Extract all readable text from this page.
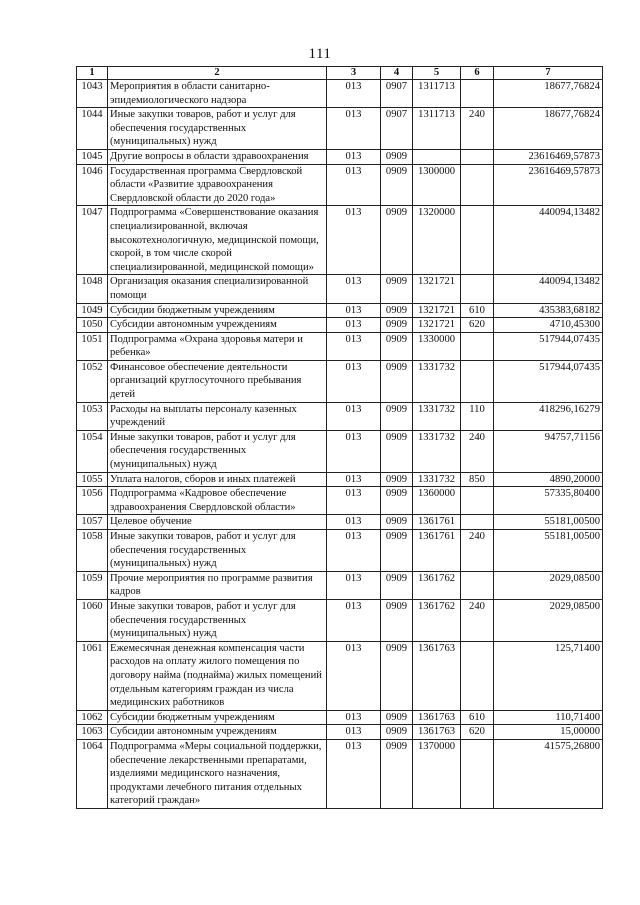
111
1	2	3	4	5	6	7
1043	Мероприятия в области санитарно-эпидемиологического надзора	013	0907	1311713		18677,76824
1044	Иные закупки товаров, работ и услуг для обеспечения государственных (муниципальных) нужд	013	0907	1311713	240	18677,76824
1045	Другие вопросы в области здравоохранения	013	0909			23616469,57873
1046	Государственная программа Свердловской области «Развитие здравоохранения Свердловской области до 2020 года»	013	0909	1300000		23616469,57873
1047	Подпрограмма «Совершенствование оказания специализированной, включая высокотехнологичную, медицинской помощи, скорой, в том числе скорой специализированной, медицинской помощи»	013	0909	1320000		440094,13482
1048	Организация оказания специализированной помощи	013	0909	1321721		440094,13482
1049	Субсидии бюджетным учреждениям	013	0909	1321721	610	435383,68182
1050	Субсидии автономным учреждениям	013	0909	1321721	620	4710,45300
1051	Подпрограмма «Охрана здоровья матери и ребенка»	013	0909	1330000		517944,07435
1052	Финансовое обеспечение деятельности организаций круглосуточного пребывания детей	013	0909	1331732		517944,07435
1053	Расходы на выплаты персоналу казенных учреждений	013	0909	1331732	110	418296,16279
1054	Иные закупки товаров, работ и услуг для обеспечения государственных (муниципальных) нужд	013	0909	1331732	240	94757,71156
1055	Уплата налогов, сборов и иных платежей	013	0909	1331732	850	4890,20000
1056	Подпрограмма «Кадровое обеспечение здравоохранения Свердловской области»	013	0909	1360000		57335,80400
1057	Целевое обучение	013	0909	1361761		55181,00500
1058	Иные закупки товаров, работ и услуг для обеспечения государственных (муниципальных) нужд	013	0909	1361761	240	55181,00500
1059	Прочие мероприятия по программе развития кадров	013	0909	1361762		2029,08500
1060	Иные закупки товаров, работ и услуг для обеспечения государственных (муниципальных) нужд	013	0909	1361762	240	2029,08500
1061	Ежемесячная денежная компенсация части расходов на оплату жилого помещения по договору найма (поднайма) жилых помещений отдельным категориям граждан из числа медицинских работников	013	0909	1361763		125,71400
1062	Субсидии бюджетным учреждениям	013	0909	1361763	610	110,71400
1063	Субсидии автономным учреждениям	013	0909	1361763	620	15,00000
1064	Подпрограмма «Меры социальной поддержки, обеспечение лекарственными препаратами, изделиями медицинского назначения, продуктами лечебного питания отдельных категорий граждан»	013	0909	1370000		41575,26800
